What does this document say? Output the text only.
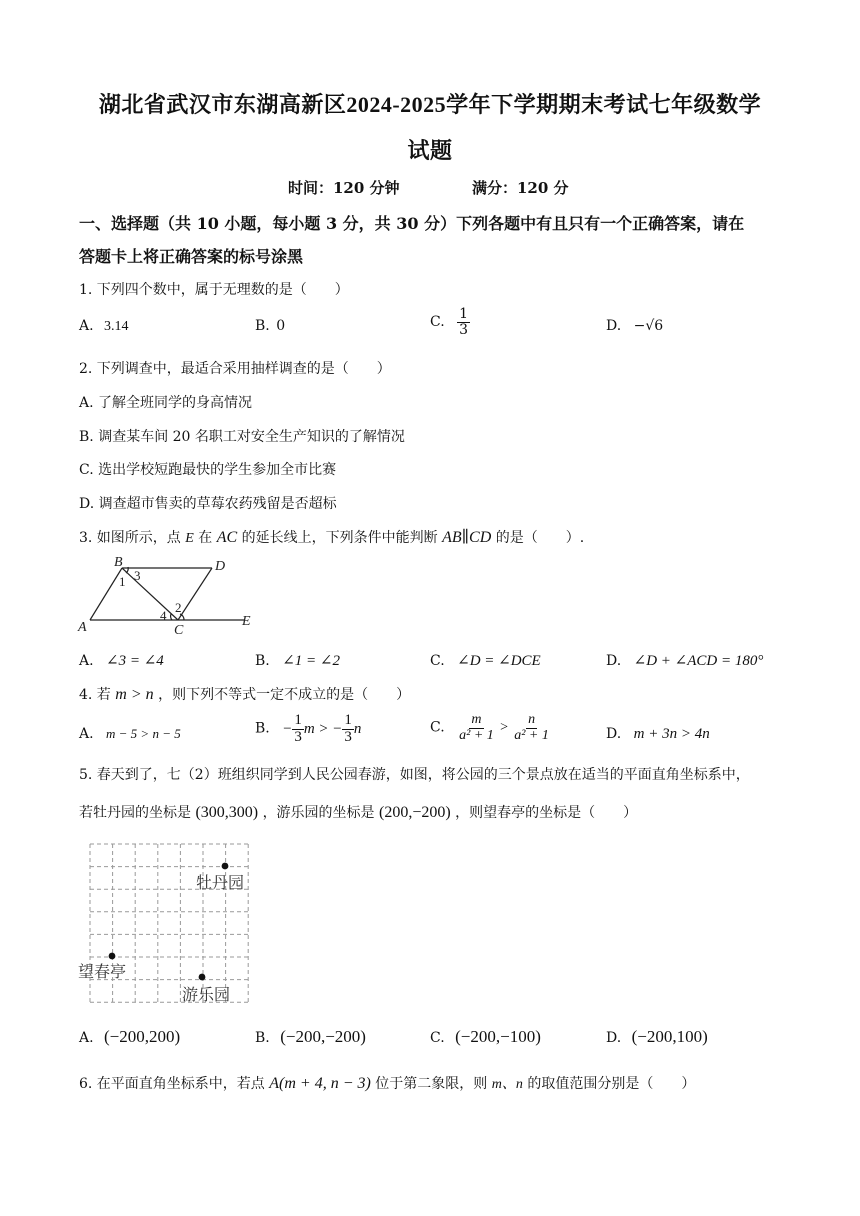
湖北省武汉市东湖高新区2024-2025学年下学期期末考试七年级数学
试题
时间：120 分钟	满分：120 分
一、选择题（共 10 小题，每小题 3 分，共 30 分）下列各题中有且只有一个正确答案，请在
答题卡上将正确答案的标号涂黑
1. 下列四个数中，属于无理数的是（　　）
A. 3.14	B. 0	C. $\frac{1}{3}$	D. −√6
2. 下列调查中，最适合采用抽样调查的是（　　）
A. 了解全班同学的身高情况
B. 调查某车间 20 名职工对安全生产知识的了解情况
C. 选出学校短跑最快的学生参加全市比赛
D. 调查超市售卖的草莓农药残留是否超标
3. 如图所示，点 E 在 AC 的延长线上，下列条件中能判断 AB∥CD 的是（　　）.
B	D
A	C
E
1
2
3
4
A. ∠3 = ∠4	B. ∠1 = ∠2	C. ∠D = ∠DCE	D. ∠D + ∠ACD = 180°
4. 若 m > n ，则下列不等式一定不成立的是（　　）
A. m − 5 > n − 5	B. − $\frac{1}{3}$ m > − $\frac{1}{3}$ n	C. $\frac{m}{\text{a² + 1}} > \frac{n}{\text{a² + 1}}$	D. m + 3n > 4n
5. 春天到了，七（2）班组织同学到人民公园春游，如图，将公园的三个景点放在适当的平面直角坐标系中，
若牡丹园的坐标是 (300,300) ，游乐园的坐标是 (200,−200) ，则望春亭的坐标是（　　）
牡丹园
望春亭
游乐园
A. (−200,200)	B. (−200,−200)	C. (−200,−100)	D. (−200,100)
6. 在平面直角坐标系中，若点 A(m + 4, n − 3) 位于第二象限，则 m、n 的取值范围分别是（　　）
